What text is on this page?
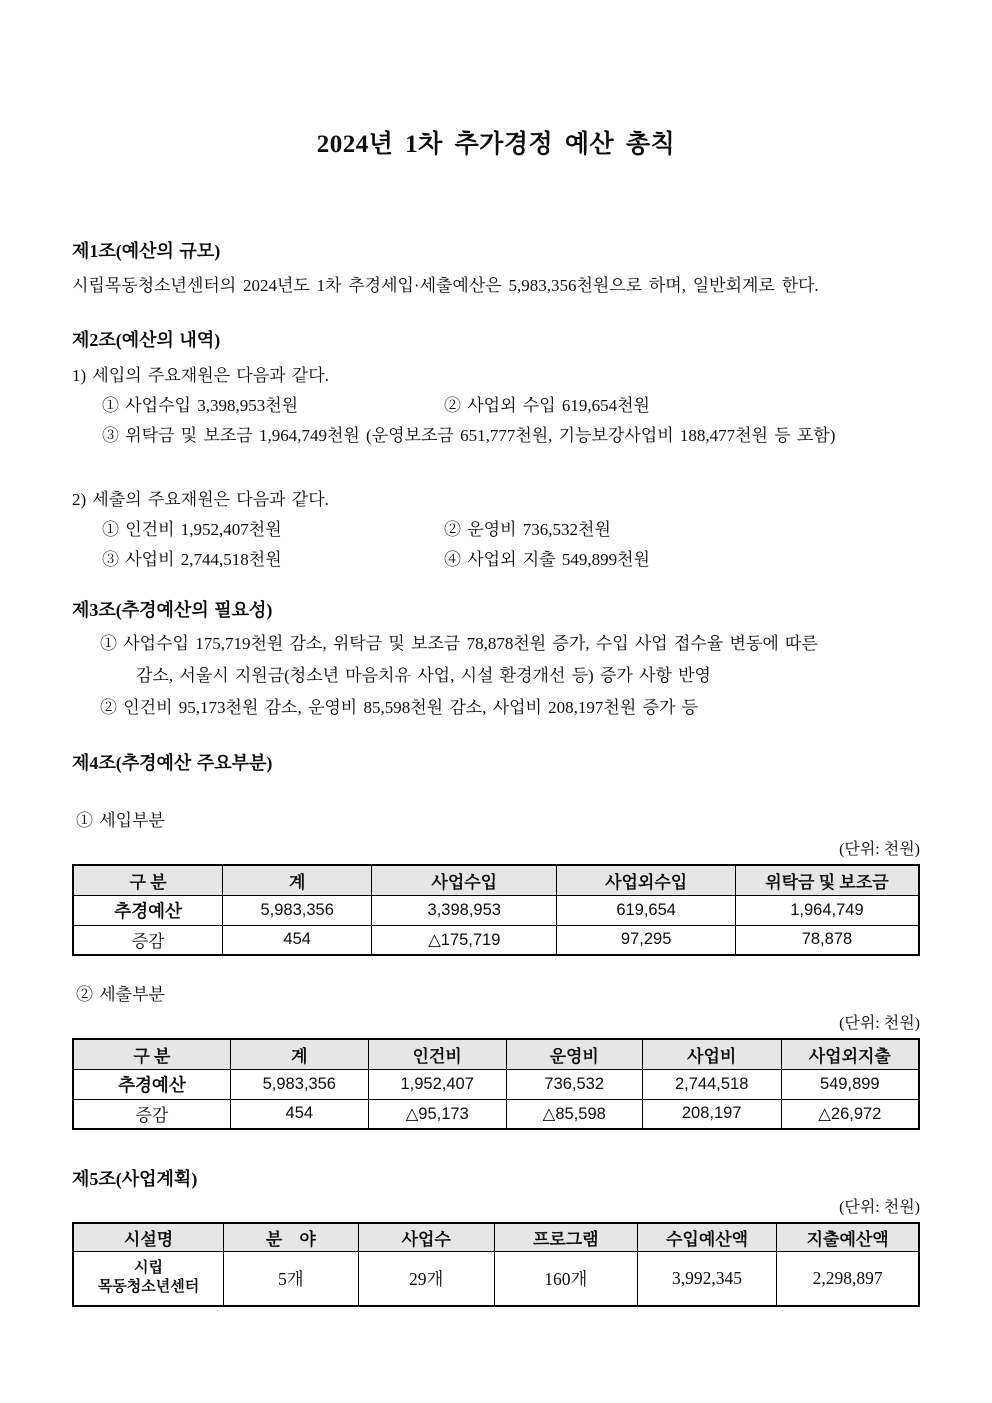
2024년 1차 추가경정 예산 총칙
제1조(예산의 규모)
시립목동청소년센터의 2024년도 1차 추경세입·세출예산은 5,983,356천원으로 하며, 일반회계로 한다.
제2조(예산의 내역)
1) 세입의 주요재원은 다음과 같다.
① 사업수입 3,398,953천원	② 사업외 수입 619,654천원
③ 위탁금 및 보조금 1,964,749천원 (운영보조금 651,777천원, 기능보강사업비 188,477천원 등 포함)
2) 세출의 주요재원은 다음과 같다.
① 인건비 1,952,407천원	② 운영비 736,532천원
③ 사업비 2,744,518천원	④ 사업외 지출 549,899천원
제3조(추경예산의 필요성)
① 사업수입 175,719천원 감소, 위탁금 및 보조금 78,878천원 증가, 수입 사업 접수율 변동에 따른
감소, 서울시 지원금(청소년 마음치유 사업, 시설 환경개선 등) 증가 사항 반영
② 인건비 95,173천원 감소, 운영비 85,598천원 감소, 사업비 208,197천원 증가 등
제4조(추경예산 주요부분)
① 세입부분
(단위: 천원)
구 분	계	사업수입	사업외수입	위탁금 및 보조금
추경예산	5,983,356	3,398,953	619,654	1,964,749
증감	454	△175,719	97,295	78,878
② 세출부분
(단위: 천원)
구 분	계	인건비	운영비	사업비	사업외지출
추경예산	5,983,356	1,952,407	736,532	2,744,518	549,899
증감	454	△95,173	△85,598	208,197	△26,972
제5조(사업계획)
(단위: 천원)
시설명	분　야	사업수	프로그램	수입예산액	지출예산액

시립
목동청소년센터	5개	29개	160개	3,992,345	2,298,897
